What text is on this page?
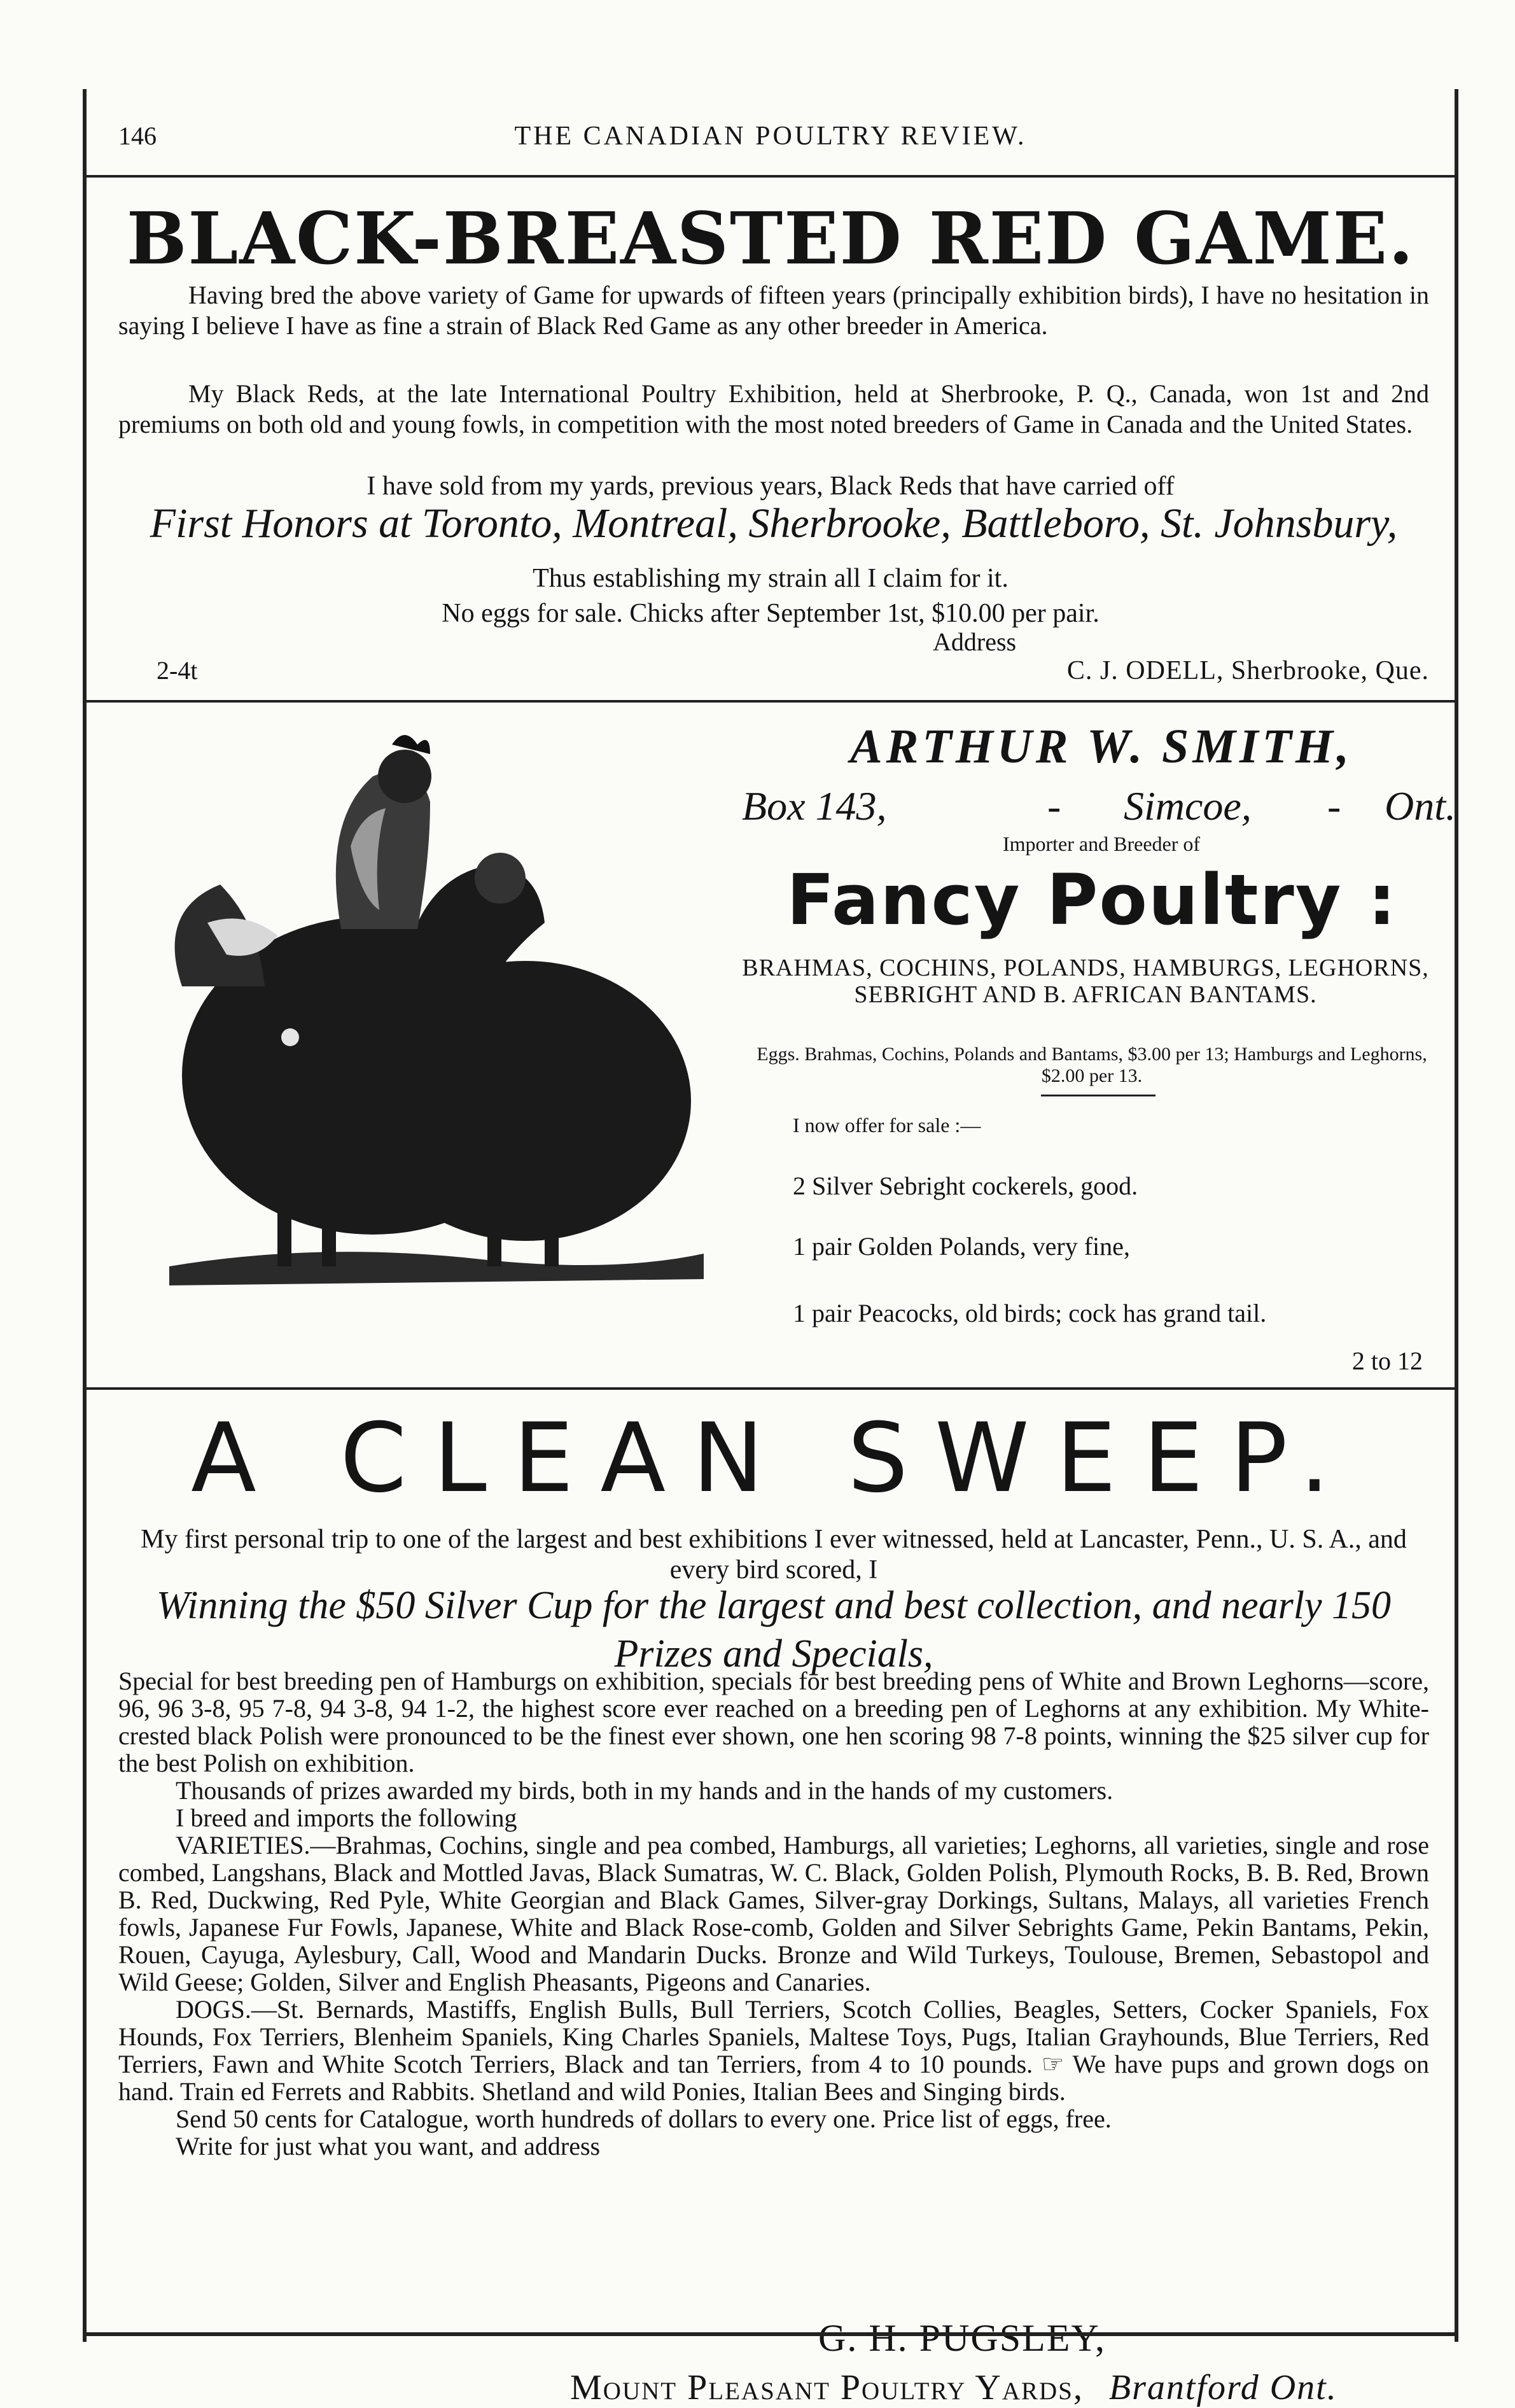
146	THE CANADIAN POULTRY REVIEW.
BLACK-BREASTED RED GAME.
Having bred the above variety of Game for upwards of fifteen years (principally exhibition birds), I have no hesitation in saying I believe I have as fine a strain of Black Red Game as any other breeder in America.
My Black Reds, at the late International Poultry Exhibition, held at Sherbrooke, P. Q., Canada, won 1st and 2nd premiums on both old and young fowls, in competition with the most noted breeders of Game in Canada and the United States.
I have sold from my yards, previous years, Black Reds that have carried off
First Honors at Toronto, Montreal, Sherbrooke, Battleboro, St. Johnsbury,
Thus establishing my strain all I claim for it.
No eggs for sale. Chicks after September 1st, $10.00 per pair.
Address
2-4t	C. J. ODELL, Sherbrooke, Que.
ARTHUR W. SMITH,
Box 143,	- Simcoe, - Ont.
Importer and Breeder of
Fancy Poultry :
BRAHMAS, COCHINS, POLANDS, HAMBURGS, LEGHORNS, SEBRIGHT AND B. AFRICAN BANTAMS.
Eggs. Brahmas, Cochins, Polands and Bantams, $3.00 per 13; Hamburgs and Leghorns, $2.00 per 13.
I now offer for sale :—
2 Silver Sebright cockerels, good.
1 pair Golden Polands, very fine,
1 pair Peacocks, old birds; cock has grand tail.
2 to 12
A CLEAN SWEEP.
My first personal trip to one of the largest and best exhibitions I ever witnessed, held at Lancaster, Penn., U. S. A., and every bird scored, I
Winning the $50 Silver Cup for the largest and best collection, and nearly 150 Prizes and Specials,

Special for best breeding pen of Hamburgs on exhibition, specials for best breeding pens of White and Brown Leghorns—score, 96, 96 3-8, 95 7-8, 94 3-8, 94 1-2, the highest score ever reached on a breeding pen of Leghorns at any exhibition. My White-crested black Polish were pronounced to be the finest ever shown, one hen scoring 98 7-8 points, winning the $25 silver cup for the best Polish on exhibition.

Thousands of prizes awarded my birds, both in my hands and in the hands of my customers.

I breed and imports the following

VARIETIES.—Brahmas, Cochins, single and pea combed, Hamburgs, all varieties; Leghorns, all varieties, single and rose combed, Langshans, Black and Mottled Javas, Black Sumatras, W. C. Black, Golden Polish, Plymouth Rocks, B. B. Red, Brown B. Red, Duckwing, Red Pyle, White Georgian and Black Games, Silver-gray Dorkings, Sultans, Malays, all varieties French fowls, Japanese Fur Fowls, Japanese, White and Black Rose-comb, Golden and Silver Sebrights Game, Pekin Bantams, Pekin, Rouen, Cayuga, Aylesbury, Call, Wood and Mandarin Ducks. Bronze and Wild Turkeys, Toulouse, Bremen, Sebastopol and Wild Geese; Golden, Silver and English Pheasants, Pigeons and Canaries.

DOGS.—St. Bernards, Mastiffs, English Bulls, Bull Terriers, Scotch Collies, Beagles, Setters, Cocker Spaniels, Fox Hounds, Fox Terriers, Blenheim Spaniels, King Charles Spaniels, Maltese Toys, Pugs, Italian Grayhounds, Blue Terriers, Red Terriers, Fawn and White Scotch Terriers, Black and tan Terriers, from 4 to 10 pounds. ☞ We have pups and grown dogs on hand. Train ed Ferrets and Rabbits. Shetland and wild Ponies, Italian Bees and Singing birds.

Send 50 cents for Catalogue, worth hundreds of dollars to every one. Price list of eggs, free.

Write for just what you want, and address

G. H. PUGSLEY,
Mount Pleasant Poultry Yards, Brantford Ont.
